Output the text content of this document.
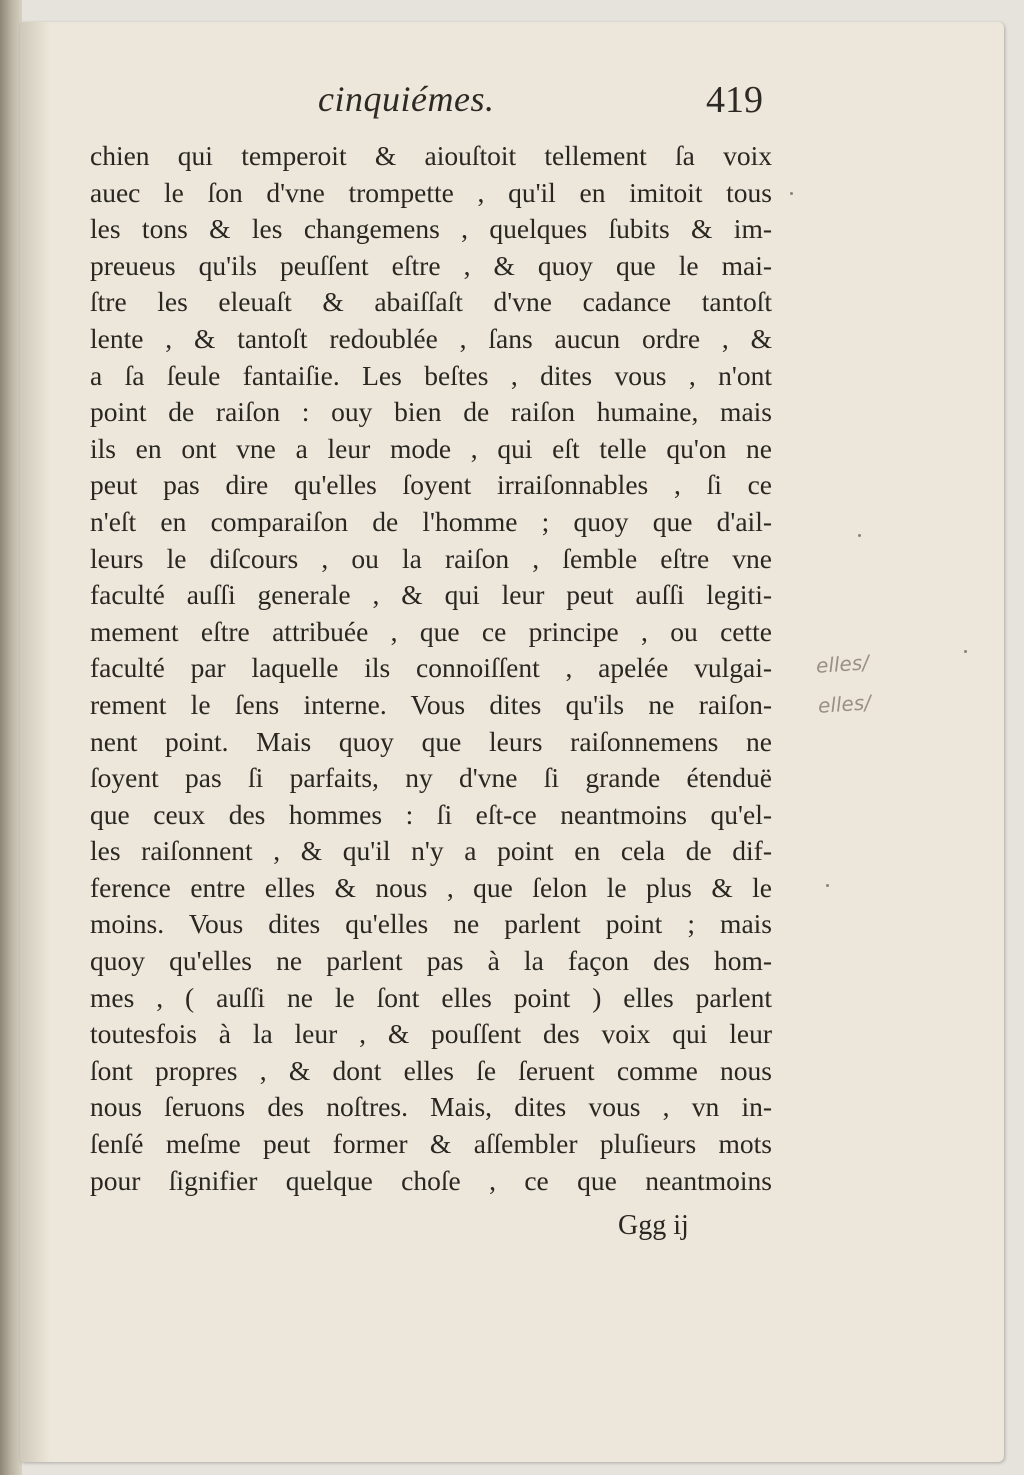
cinquiémes.	419
chien qui temperoit & aiouſtoit tellement ſa voix
auec le ſon d'vne trompette , qu'il en imitoit tous
les tons & les changemens , quelques ſubits & im-
preueus qu'ils peuſſent eſtre , & quoy que le mai-
ſtre les eleuaſt & abaiſſaſt d'vne cadance tantoſt
lente , & tantoſt redoublée , ſans aucun ordre , &
a ſa ſeule fantaiſie. Les beſtes , dites vous , n'ont
point de raiſon : ouy bien de raiſon humaine, mais
ils en ont vne a leur mode , qui eſt telle qu'on ne
peut pas dire qu'elles ſoyent irraiſonnables , ſi ce
n'eſt en comparaiſon de l'homme ; quoy que d'ail-
leurs le diſcours , ou la raiſon , ſemble eſtre vne
faculté auſſi generale , & qui leur peut auſſi legiti-
mement eſtre attribuée , que ce principe , ou cette
faculté par laquelle ils connoiſſent , apelée vulgai-
rement le ſens interne. Vous dites qu'ils ne raiſon-
nent point. Mais quoy que leurs raiſonnemens ne
ſoyent pas ſi parfaits, ny d'vne ſi grande étenduë
que ceux des hommes : ſi eſt-ce neantmoins qu'el-
les raiſonnent , & qu'il n'y a point en cela de dif-
ference entre elles & nous , que ſelon le plus & le
moins. Vous dites qu'elles ne parlent point ; mais
quoy qu'elles ne parlent pas à la façon des hom-
mes , ( auſſi ne le ſont elles point ) elles parlent
toutesfois à la leur , & pouſſent des voix qui leur
ſont propres , & dont elles ſe ſeruent comme nous
nous ſeruons des noſtres. Mais, dites vous , vn in-
ſenſé meſme peut former & aſſembler pluſieurs mots
pour ſignifier quelque choſe , ce que neantmoins
Ggg ij
elles/
elles/
